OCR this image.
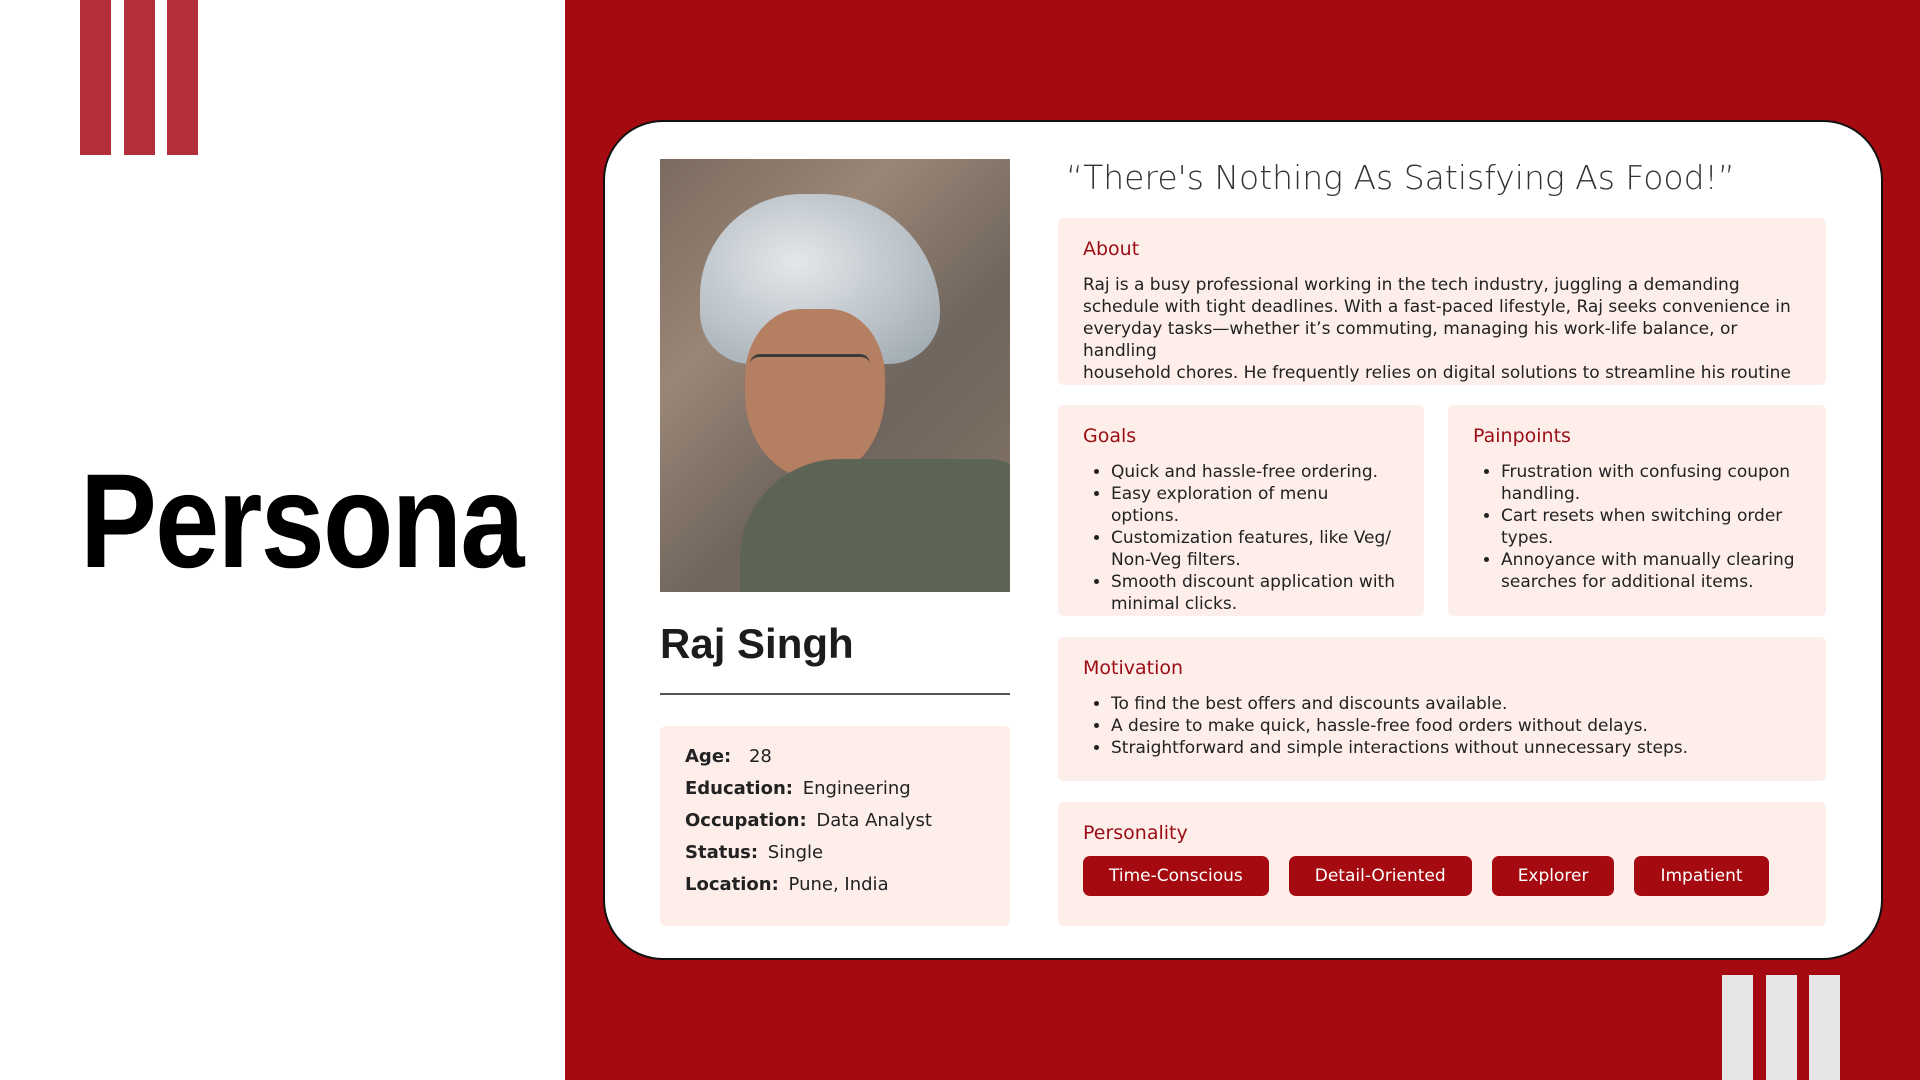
Persona
Raj Singh
Age: 28
Education: Engineering
Occupation: Data Analyst
Status: Single
Location: Pune, India
“There's Nothing As Satisfying As Food!”
About

Raj is a busy professional working in the tech industry, juggling a demanding

schedule with tight deadlines. With a fast-paced lifestyle, Raj seeks convenience in

everyday tasks—whether it’s commuting, managing his work-life balance, or handling

household chores. He frequently relies on digital solutions to streamline his routine

Goals
• Quick and hassle-free ordering.
• Easy exploration of menu options.
• Customization features, like Veg/ Non-Veg filters.
• Smooth discount application with minimal clicks.
Painpoints
• Frustration with confusing coupon handling.
• Cart resets when switching order types.
• Annoyance with manually clearing searches for additional items.
Motivation
• To find the best offers and discounts available.
• A desire to make quick, hassle-free food orders without delays.
• Straightforward and simple interactions without unnecessary steps.
Personality
Time-Conscious	Detail-Oriented	Explorer	Impatient
